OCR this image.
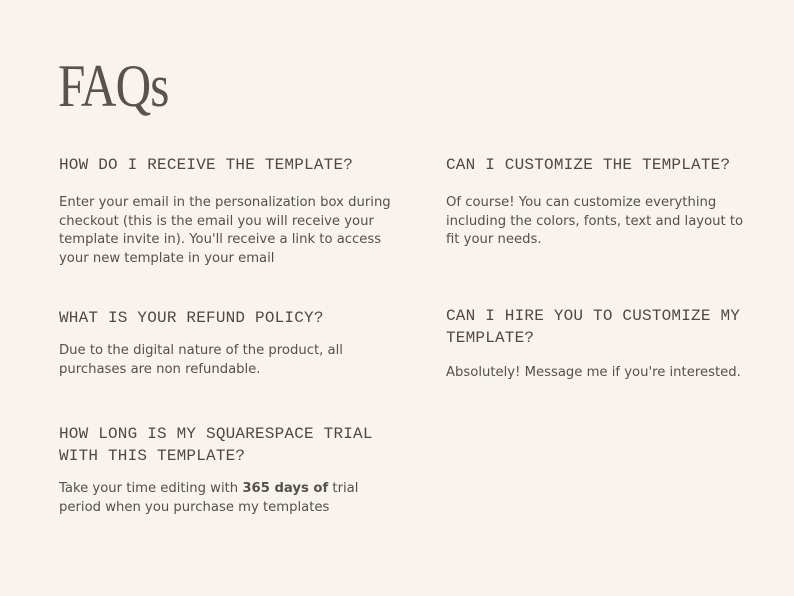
FAQs
HOW DO I RECEIVE THE TEMPLATE?

Enter your email in the personalization box during checkout (this is the email you will receive your template invite in). You'll receive a link to access your new template in your email

CAN I CUSTOMIZE THE TEMPLATE?

Of course! You can customize everything including the colors, fonts, text and layout to fit your needs.

WHAT IS YOUR REFUND POLICY?

Due to the digital nature of the product, all purchases are non refundable.

CAN I HIRE YOU TO CUSTOMIZE MY TEMPLATE?

Absolutely! Message me if you're interested.

HOW LONG IS MY SQUARESPACE TRIAL WITH THIS TEMPLATE?

Take your time editing with 365 days of trial period when you purchase my templates
